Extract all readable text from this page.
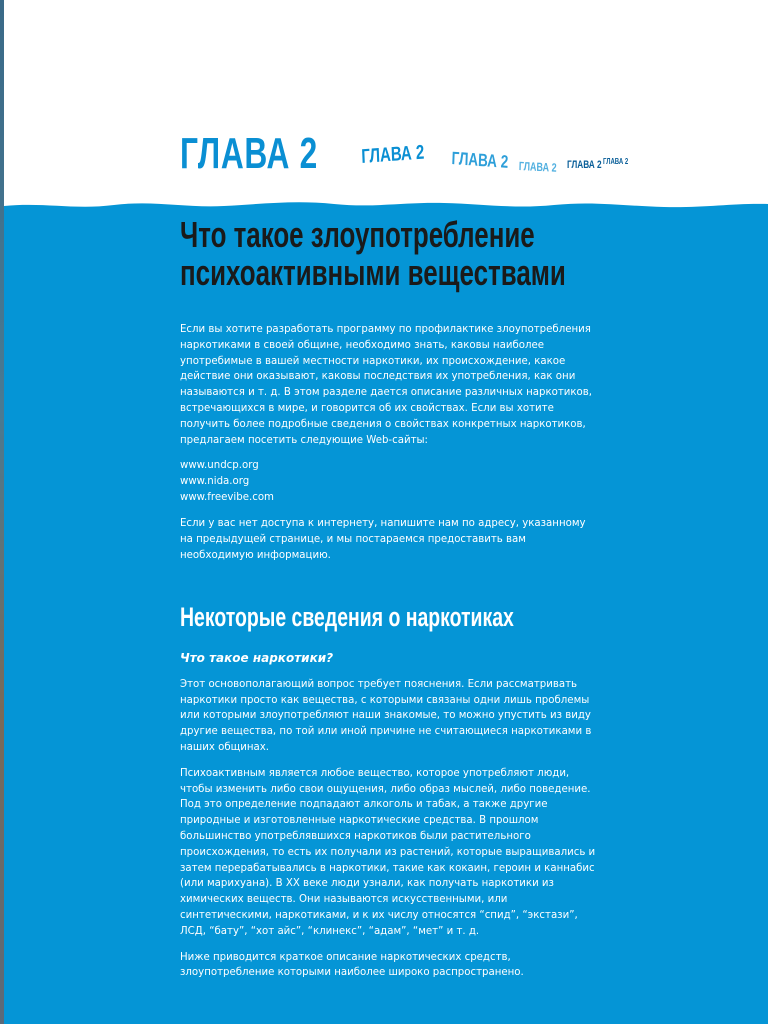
ГЛАВА 2 ГЛАВА 2 ГЛАВА 2 ГЛАВА 2 ГЛАВА 2 ГЛАВА 2
Что такое злоупотребление
психоактивными веществами

Если вы хотите разработать программу по профилактике злоупотребления наркотиками в своей общине, необходимо знать, каковы наиболее употребимые в вашей местности наркотики, их происхождение, какое действие они оказывают, каковы последствия их употребления, как они называются и т. д. В этом разделе дается описание различных наркотиков, встречающихся в мире, и говорится об их свойствах. Если вы хотите получить более подробные сведения о свойствах конкретных наркотиков, предлагаем посетить следующие Web-сайты:

www.undcp.org
www.nida.org
www.freevibe.com

Если у вас нет доступа к интернету, напишите нам по адресу, указанному на предыдущей странице, и мы постараемся предоставить вам необходимую информацию.

Некоторые сведения о наркотиках

Что такое наркотики?

Этот основополагающий вопрос требует пояснения. Если рассматривать наркотики просто как вещества, с которыми связаны одни лишь проблемы или которыми злоупотребляют наши знакомые, то можно упустить из виду другие вещества, по той или иной причине не считающиеся наркотиками в наших общинах.

Психоактивным является любое вещество, которое употребляют люди, чтобы изменить либо свои ощущения, либо образ мыслей, либо поведение. Под это определение подпадают алкоголь и табак, а также другие природные и изготовленные наркотические средства. В прошлом большинство употреблявшихся наркотиков были растительного происхождения, то есть их получали из растений, которые выращивались и затем перерабатывались в наркотики, такие как кокаин, героин и каннабис (или марихуана). В XX веке люди узнали, как получать наркотики из химических веществ. Они называются искусственными, или синтетическими, наркотиками, и к их числу относятся “спид”, “экстази”, ЛСД, “бату”, “хот айс”, “клинекс”, “адам”, “мет” и т. д.

Ниже приводится краткое описание наркотических средств, злоупотребление которыми наиболее широко распространено.
